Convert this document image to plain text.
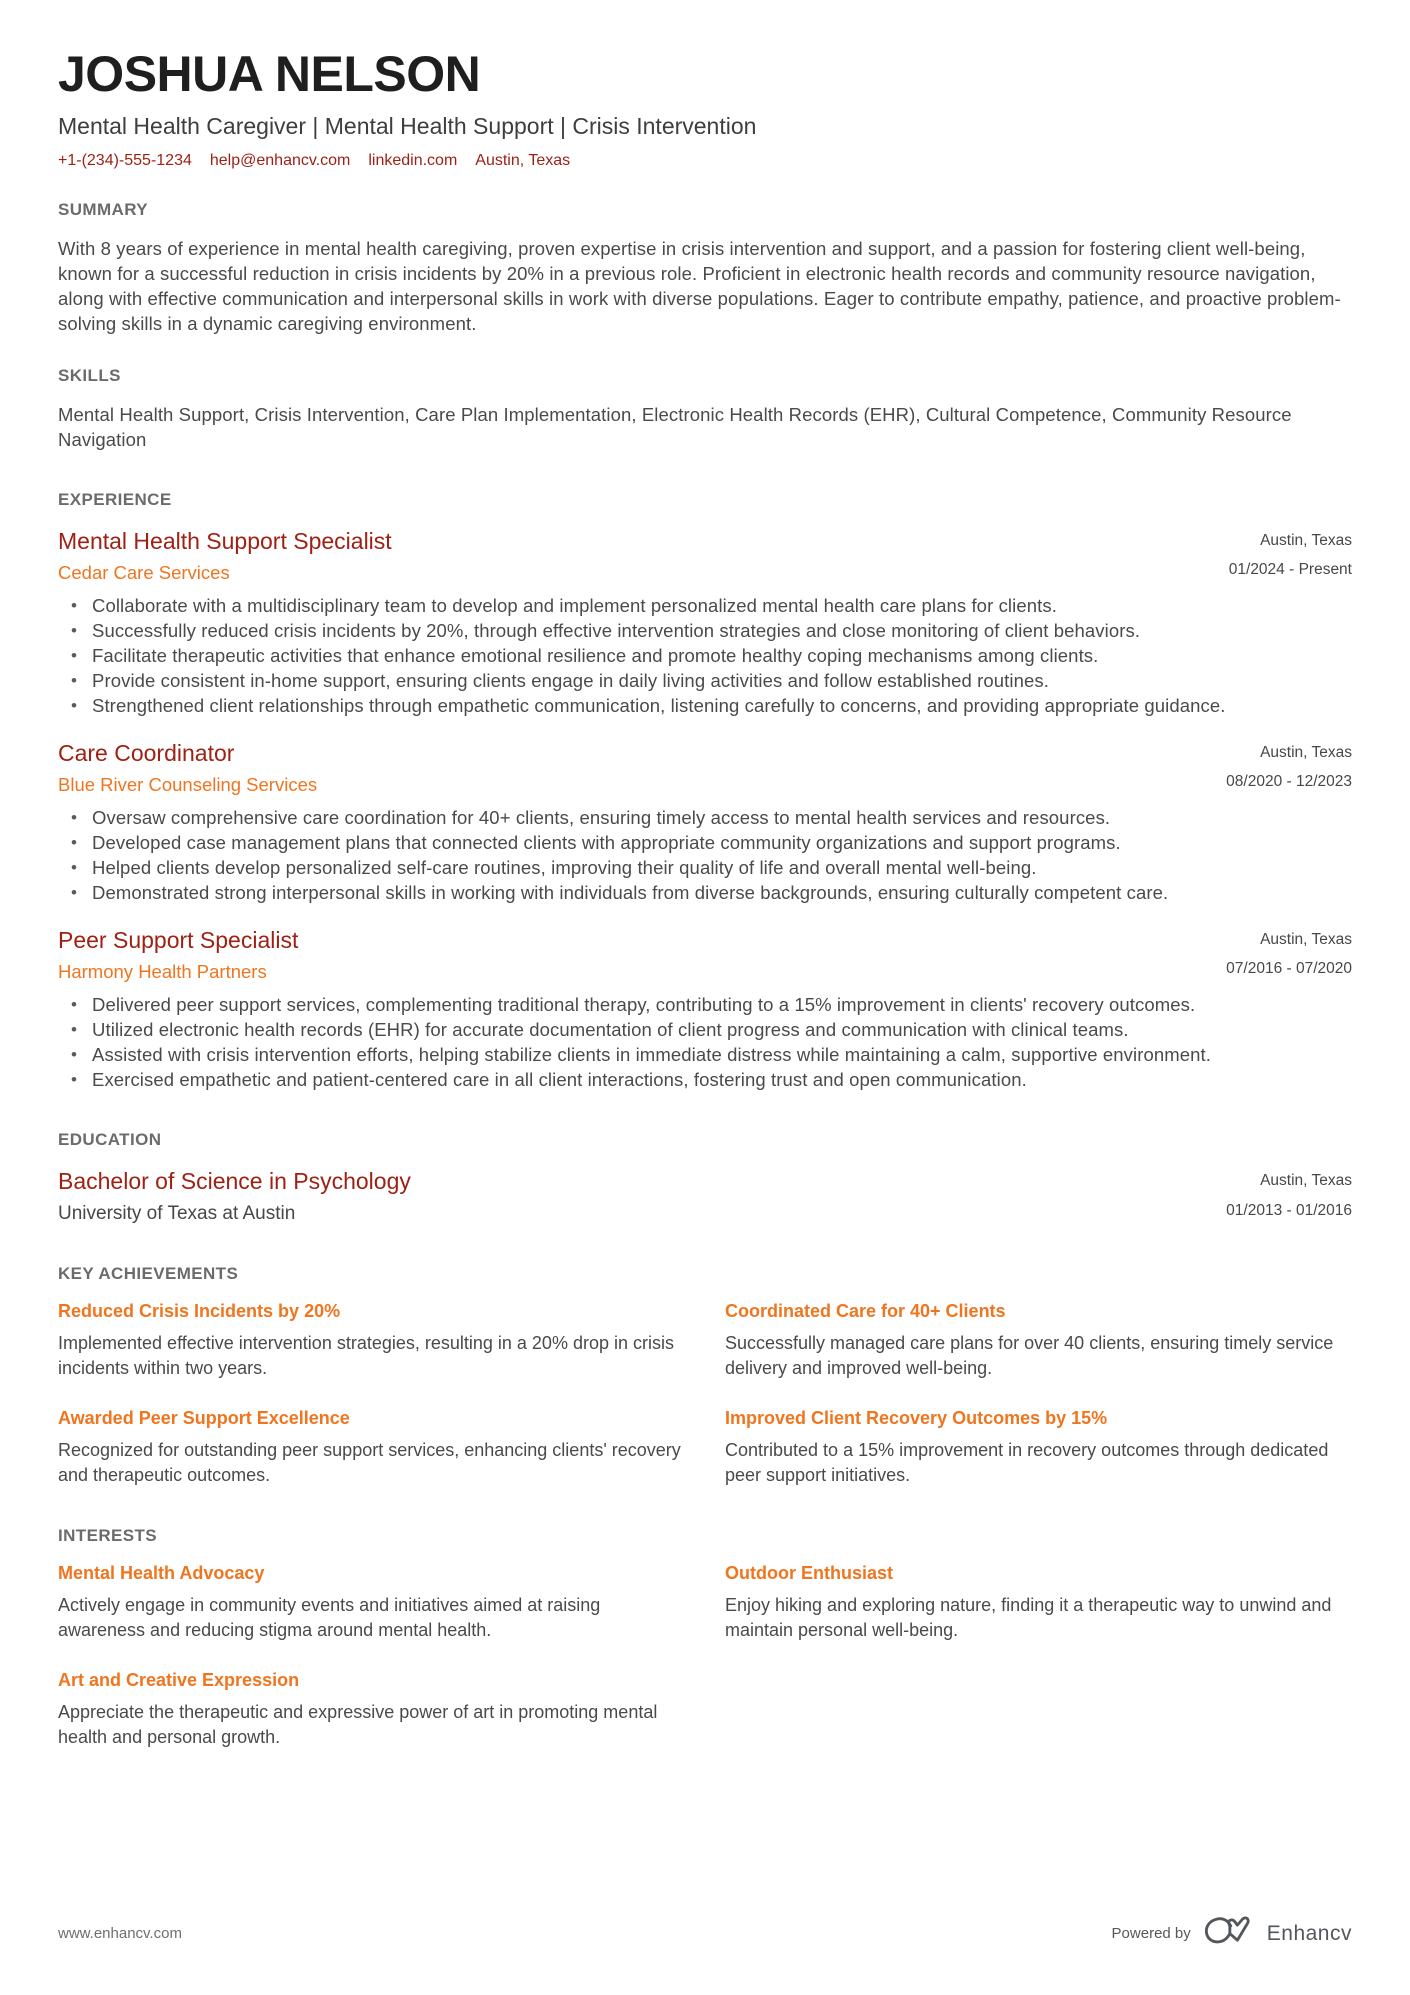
JOSHUA NELSON
Mental Health Caregiver | Mental Health Support | Crisis Intervention
+1-(234)-555-1234 help@enhancv.com linkedin.com Austin, Texas
SUMMARY

With 8 years of experience in mental health caregiving, proven expertise in crisis intervention and support, and a passion for fostering client well-being, known for a successful reduction in crisis incidents by 20% in a previous role. Proficient in electronic health records and community resource navigation, along with effective communication and interpersonal skills in work with diverse populations. Eager to contribute empathy, patience, and proactive problem-solving skills in a dynamic caregiving environment.

SKILLS

Mental Health Support, Crisis Intervention, Care Plan Implementation, Electronic Health Records (EHR), Cultural Competence, Community Resource Navigation

EXPERIENCE
Mental Health Support Specialist	Austin, Texas
Cedar Care Services	01/2024 - Present
• Collaborate with a multidisciplinary team to develop and implement personalized mental health care plans for clients.
• Successfully reduced crisis incidents by 20%, through effective intervention strategies and close monitoring of client behaviors.
• Facilitate therapeutic activities that enhance emotional resilience and promote healthy coping mechanisms among clients.
• Provide consistent in-home support, ensuring clients engage in daily living activities and follow established routines.
• Strengthened client relationships through empathetic communication, listening carefully to concerns, and providing appropriate guidance.
Care Coordinator	Austin, Texas
Blue River Counseling Services	08/2020 - 12/2023
• Oversaw comprehensive care coordination for 40+ clients, ensuring timely access to mental health services and resources.
• Developed case management plans that connected clients with appropriate community organizations and support programs.
• Helped clients develop personalized self-care routines, improving their quality of life and overall mental well-being.
• Demonstrated strong interpersonal skills in working with individuals from diverse backgrounds, ensuring culturally competent care.
Peer Support Specialist	Austin, Texas
Harmony Health Partners	07/2016 - 07/2020
• Delivered peer support services, complementing traditional therapy, contributing to a 15% improvement in clients' recovery outcomes.
• Utilized electronic health records (EHR) for accurate documentation of client progress and communication with clinical teams.
• Assisted with crisis intervention efforts, helping stabilize clients in immediate distress while maintaining a calm, supportive environment.
• Exercised empathetic and patient-centered care in all client interactions, fostering trust and open communication.
EDUCATION
Bachelor of Science in Psychology	Austin, Texas
University of Texas at Austin	01/2013 - 01/2016
KEY ACHIEVEMENTS
Reduced Crisis Incidents by 20%

Implemented effective intervention strategies, resulting in a 20% drop in crisis incidents within two years.

Coordinated Care for 40+ Clients

Successfully managed care plans for over 40 clients, ensuring timely service delivery and improved well-being.

Awarded Peer Support Excellence

Recognized for outstanding peer support services, enhancing clients' recovery and therapeutic outcomes.

Improved Client Recovery Outcomes by 15%

Contributed to a 15% improvement in recovery outcomes through dedicated peer support initiatives.

INTERESTS
Mental Health Advocacy

Actively engage in community events and initiatives aimed at raising awareness and reducing stigma around mental health.

Outdoor Enthusiast

Enjoy hiking and exploring nature, finding it a therapeutic way to unwind and maintain personal well-being.

Art and Creative Expression

Appreciate the therapeutic and expressive power of art in promoting mental health and personal growth.

www.enhancv.com	Powered by	Enhancv
